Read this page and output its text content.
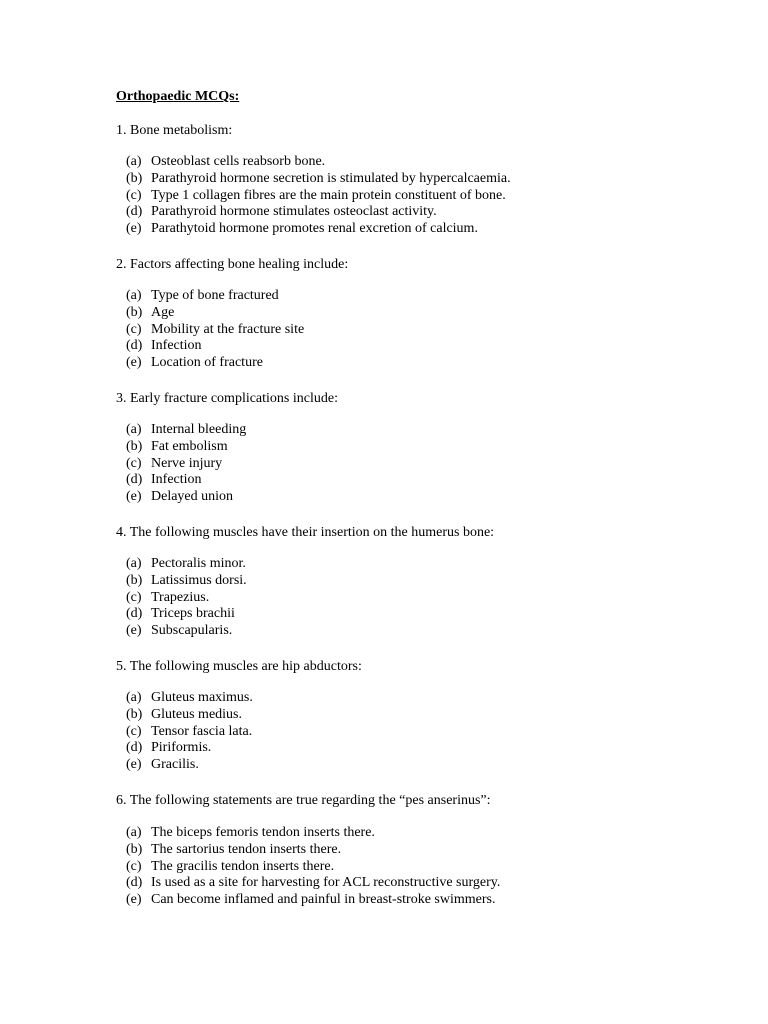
Orthopaedic MCQs:
1. Bone metabolism:
(a) Osteoblast cells reabsorb bone.
(b) Parathyroid hormone secretion is stimulated by hypercalcaemia.
(c) Type 1 collagen fibres are the main protein constituent of bone.
(d) Parathyroid hormone stimulates osteoclast activity.
(e) Parathytoid hormone promotes renal excretion of calcium.
2. Factors affecting bone healing include:
(a) Type of bone fractured
(b) Age
(c) Mobility at the fracture site
(d) Infection
(e) Location of fracture
3. Early fracture complications include:
(a) Internal bleeding
(b) Fat embolism
(c) Nerve injury
(d) Infection
(e) Delayed union
4. The following muscles have their insertion on the humerus bone:
(a) Pectoralis minor.
(b) Latissimus dorsi.
(c) Trapezius.
(d) Triceps brachii
(e) Subscapularis.
5. The following muscles are hip abductors:
(a) Gluteus maximus.
(b) Gluteus medius.
(c) Tensor fascia lata.
(d) Piriformis.
(e) Gracilis.
6. The following statements are true regarding the “pes anserinus”:
(a) The biceps femoris tendon inserts there.
(b) The sartorius tendon inserts there.
(c) The gracilis tendon inserts there.
(d) Is used as a site for harvesting for ACL reconstructive surgery.
(e) Can become inflamed and painful in breast-stroke swimmers.
